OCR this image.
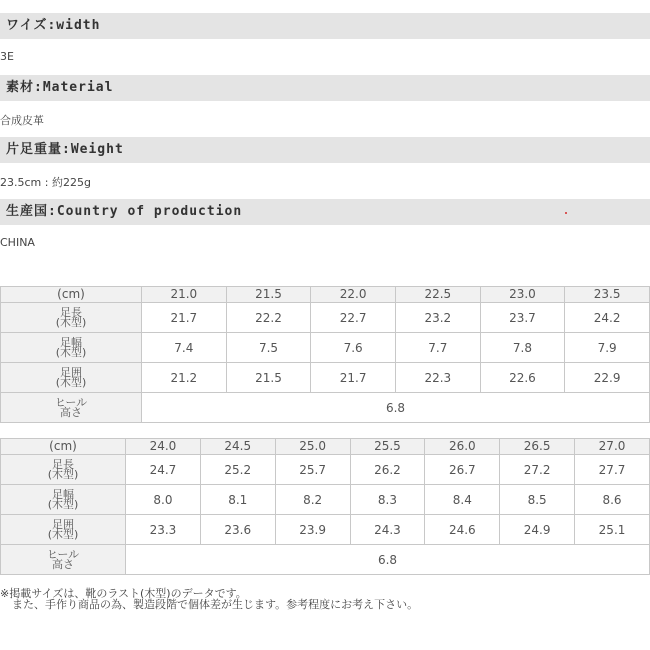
ワイズ:width
3E
素材:Material
合成皮革
片足重量:Weight
23.5cm : 約225g
生産国:Country of production
CHINA
(cm)	21.0	21.5	22.0	22.5	23.0	23.5

足長
(木型)	21.7	22.2	22.7	23.2	23.7	24.2

足幅
(木型)	7.4	7.5	7.6	7.7	7.8	7.9

足囲
(木型)	21.2	21.5	21.7	22.3	22.6	22.9

ヒール
高さ	6.8					
(cm)	24.0	24.5	25.0	25.5	26.0	26.5	27.0

足長
(木型)	24.7	25.2	25.7	26.2	26.7	27.2	27.7

足幅
(木型)	8.0	8.1	8.2	8.3	8.4	8.5	8.6

足囲
(木型)	23.3	23.6	23.9	24.3	24.6	24.9	25.1

ヒール
高さ	6.8						
※掲載サイズは、靴のラスト(木型)のデータです。
また、手作り商品の為、製造段階で個体差が生じます。参考程度にお考え下さい。
